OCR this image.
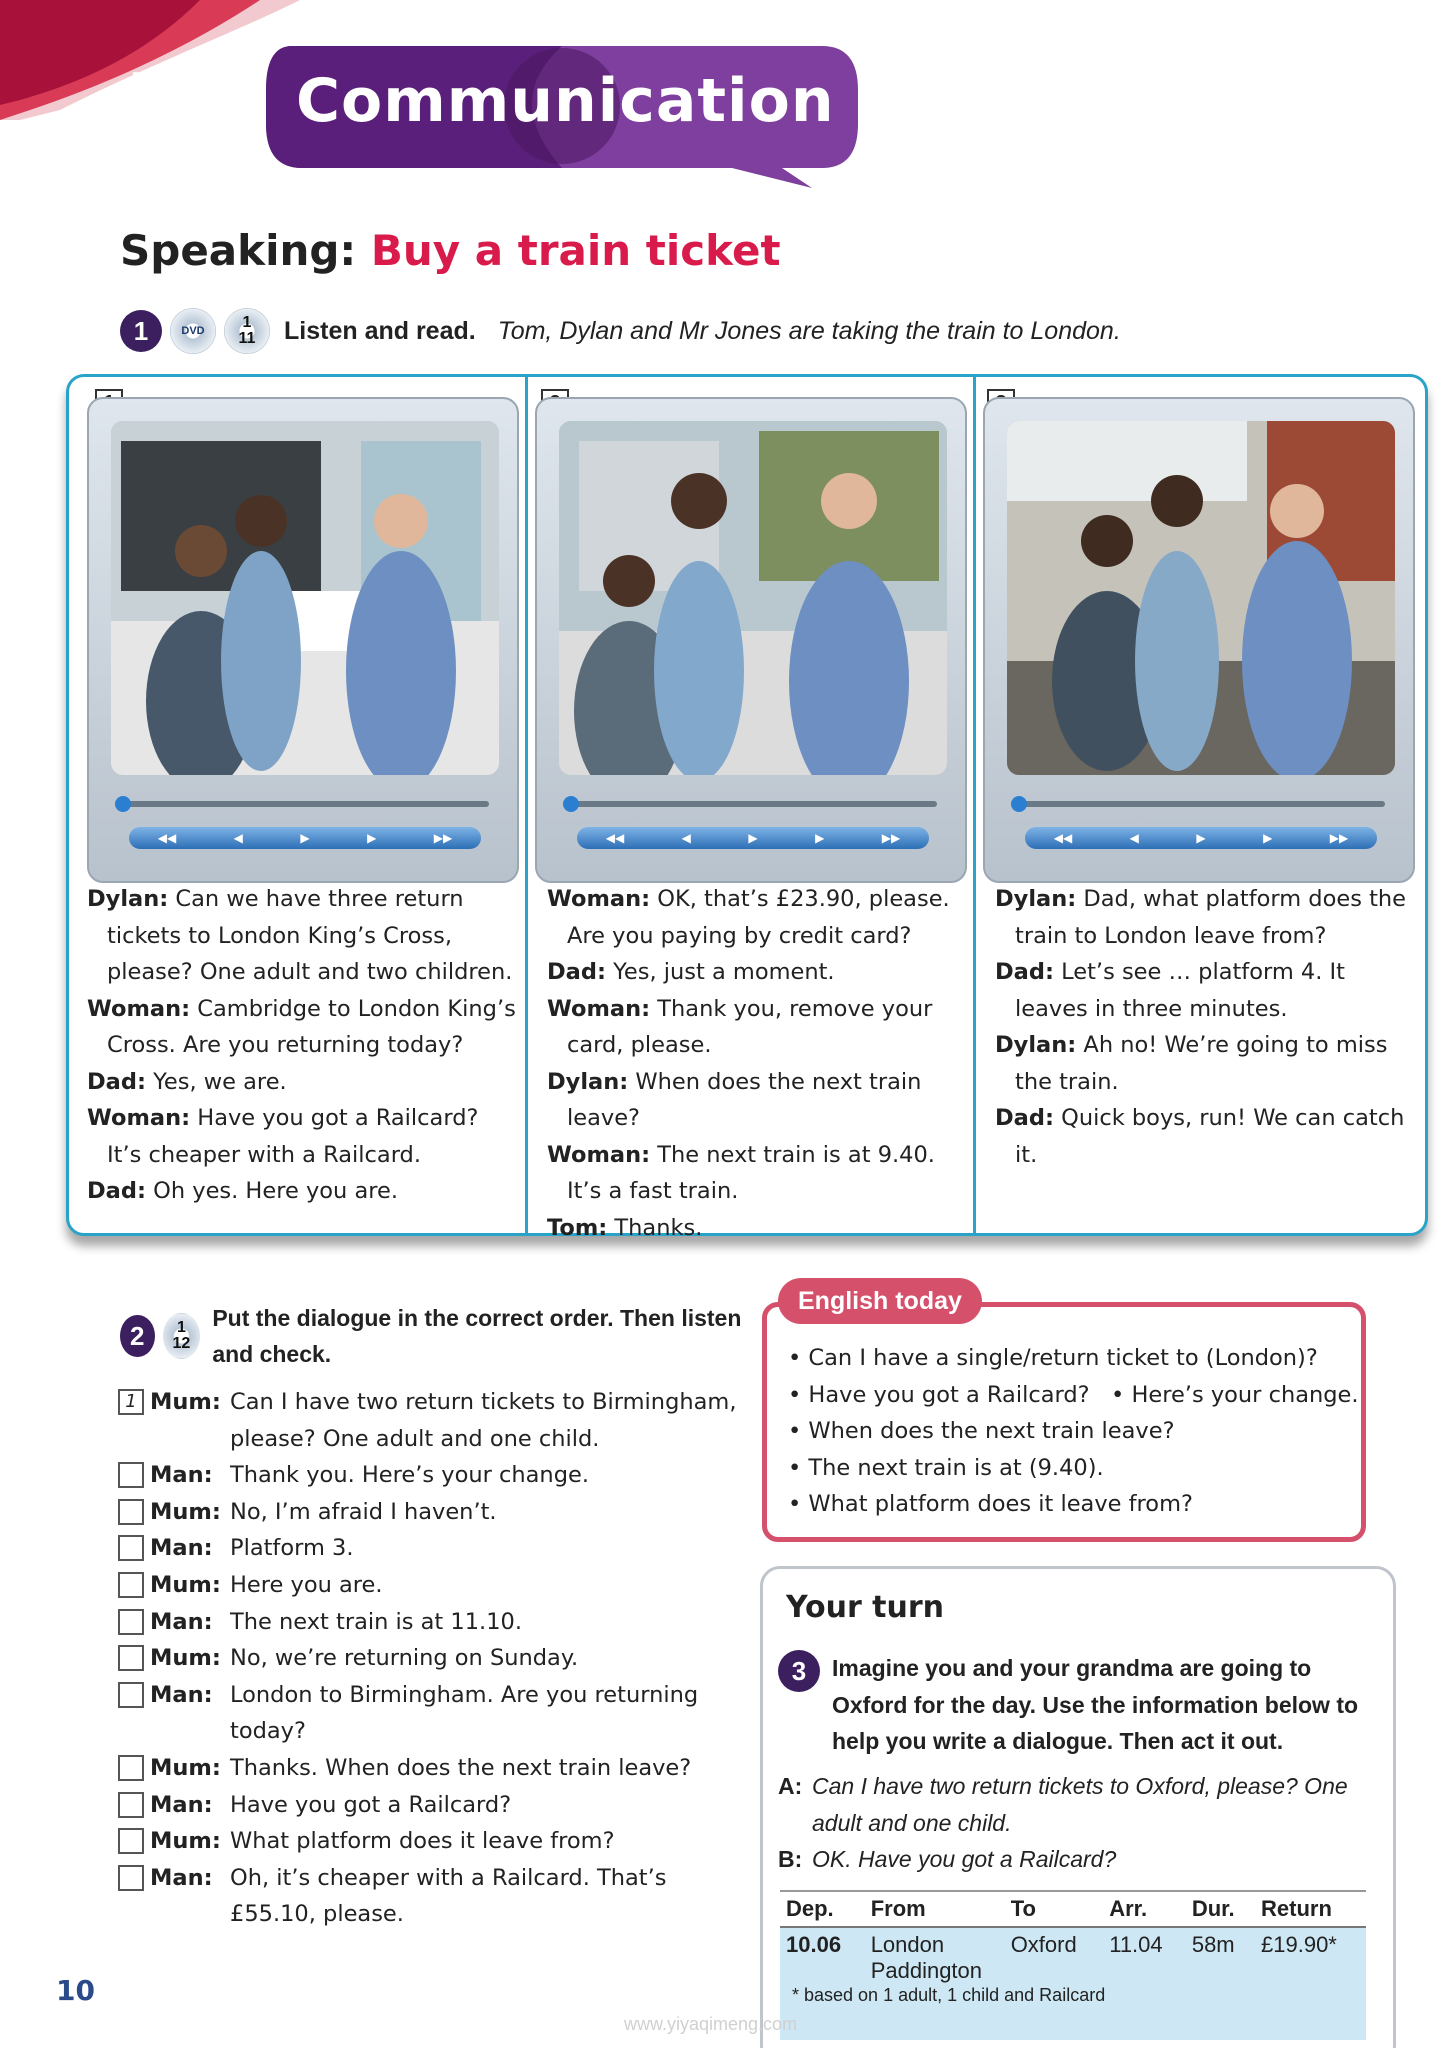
D Communication
Speaking: Buy a train ticket
1	DVD 1
11 Listen and read. Tom, Dylan and Mr Jones are taking the train to London.
◀◀	◀	▶	▶	▶▶	◀◀	◀	▶	▶	▶▶	◀◀	◀	▶	▶	▶▶
Dylan: Can we have three return tickets to London King’s Cross, please? One adult and two children.
Woman: Cambridge to London King’s Cross. Are you returning today?
Dad: Yes, we are.
Woman: Have you got a Railcard? It’s cheaper with a Railcard.
Dad: Oh yes. Here you are.
Woman: OK, that’s £23.90, please. Are you paying by credit card?
Dad: Yes, just a moment.
Woman: Thank you, remove your card, please.
Dylan: When does the next train leave?
Woman: The next train is at 9.40. It’s a fast train.
Tom: Thanks.
Dylan: Dad, what platform does the train to London leave from?
Dad: Let’s see … platform 4. It leaves in three minutes.
Dylan: Ah no! We’re going to miss the train.
Dad: Quick boys, run! We can catch it.
2	1
12
Put the dialogue in the correct order. Then listen and check.
1 Mum: Can I have two return tickets to Birmingham, please? One adult and one child.
Man: Thank you. Here’s your change.
Mum: No, I’m afraid I haven’t.
Man: Platform 3.
Mum: Here you are.
Man: The next train is at 11.10.
Mum: No, we’re returning on Sunday.
Man: London to Birmingham. Are you returning today?
Mum: Thanks. When does the next train leave?
Man: Have you got a Railcard?
Mum: What platform does it leave from?
Man: Oh, it’s cheaper with a Railcard. That’s £55.10, please.
English today
• Can I have a single/return ticket to (London)?
• Have you got a Railcard?   • Here’s your change.
• When does the next train leave?
• The next train is at (9.40).
• What platform does it leave from?
Your turn
3	Imagine you and your grandma are going to Oxford for the day. Use the information below to help you write a dialogue. Then act it out.
A: Can I have two return tickets to Oxford, please? One adult and one child.
B: OK. Have you got a Railcard?
Dep.	From	To	Arr.	Dur.	Return
10.06	London Paddington	Oxford	11.04	58m	£19.90*
* based on 1 adult, 1 child and Railcard
10
www.yiyaqimeng.com
